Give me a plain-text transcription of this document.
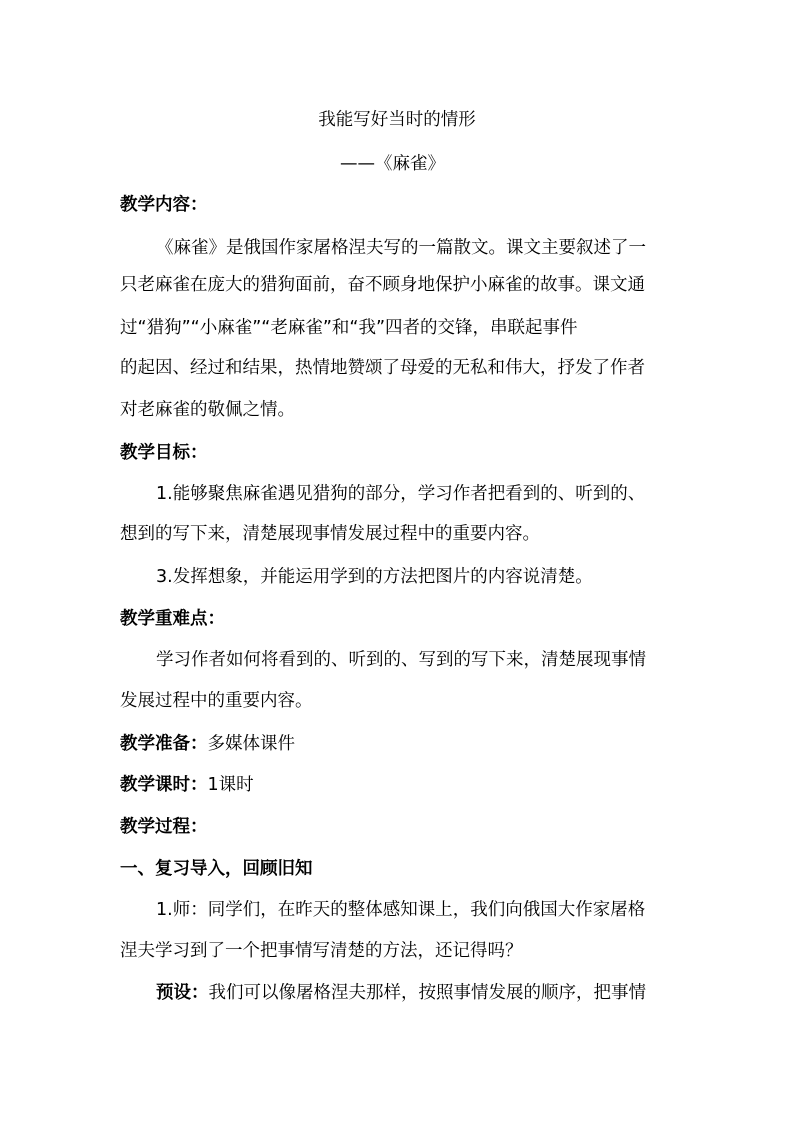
我能写好当时的情形
——《麻雀》
教学内容：
《麻雀》是俄国作家屠格涅夫写的一篇散文。课文主要叙述了一
只老麻雀在庞大的猎狗面前，奋不顾身地保护小麻雀的故事。课文通
过“猎狗”“小麻雀”“老麻雀”和“我”四者的交锋，串联起事件
的起因、经过和结果，热情地赞颂了母爱的无私和伟大，抒发了作者
对老麻雀的敬佩之情。
教学目标：
1.能够聚焦麻雀遇见猎狗的部分，学习作者把看到的、听到的、
想到的写下来，清楚展现事情发展过程中的重要内容。
3.发挥想象，并能运用学到的方法把图片的内容说清楚。
教学重难点：
学习作者如何将看到的、听到的、写到的写下来，清楚展现事情
发展过程中的重要内容。
教学准备：多媒体课件
教学课时：1课时
教学过程：
一、复习导入，回顾旧知
1.师：同学们，在昨天的整体感知课上，我们向俄国大作家屠格
涅夫学习到了一个把事情写清楚的方法，还记得吗？
预设：我们可以像屠格涅夫那样，按照事情发展的顺序，把事情
